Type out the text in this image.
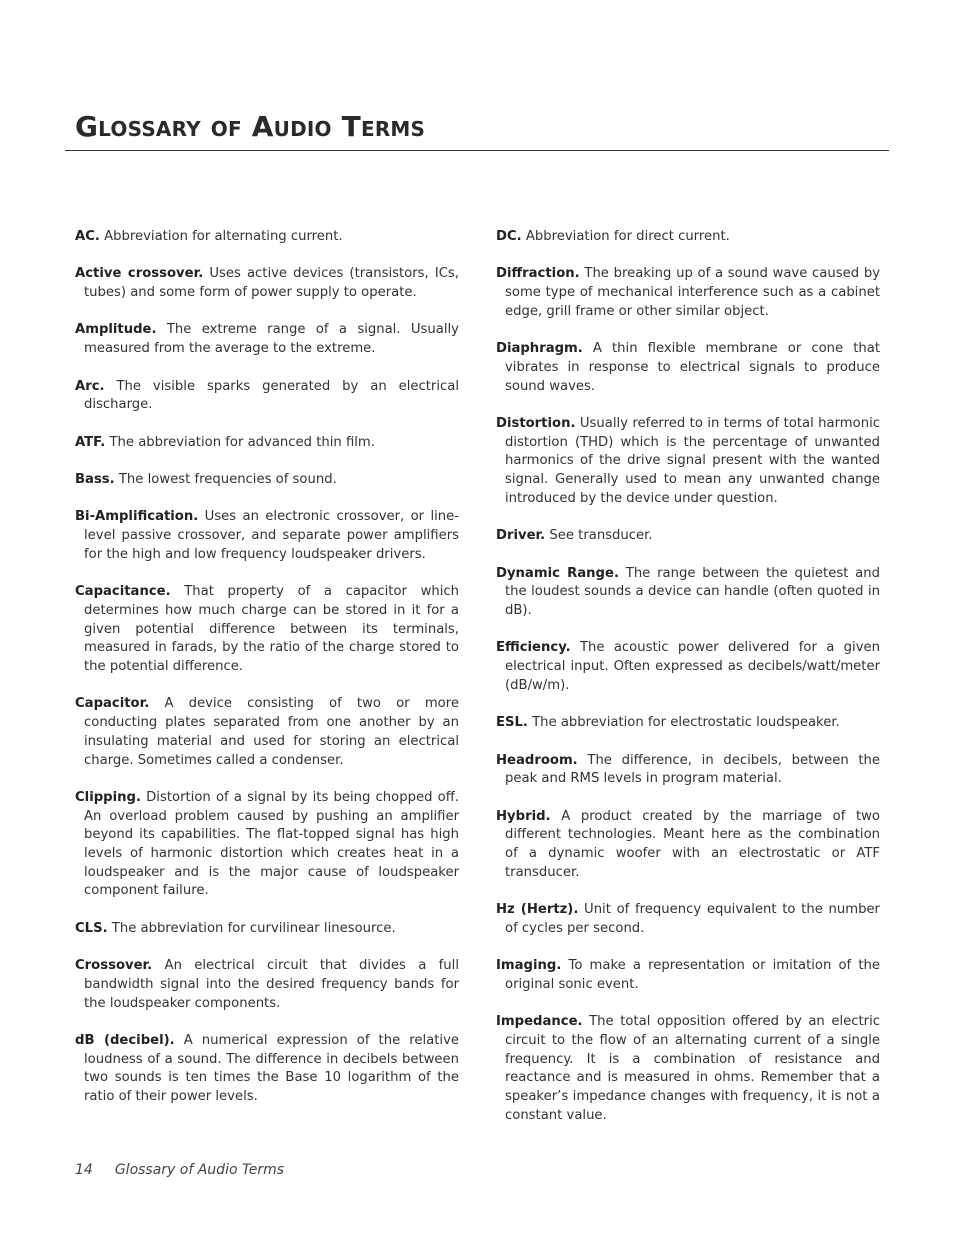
Glossary of Audio Terms

AC. Abbreviation for alternating current.

Active crossover. Uses active devices (transistors, ICs, tubes) and some form of power supply to operate.

Amplitude. The extreme range of a signal. Usually measured from the average to the extreme.

Arc. The visible sparks generated by an electrical discharge.

ATF. The abbreviation for advanced thin film.

Bass. The lowest frequencies of sound.

Bi-Amplification. Uses an electronic crossover, or line-level passive crossover, and separate power amplifiers for the high and low frequency loudspeaker drivers.

Capacitance. That property of a capacitor which determines how much charge can be stored in it for a given potential difference between its terminals, measured in farads, by the ratio of the charge stored to the potential difference.

Capacitor. A device consisting of two or more conducting plates separated from one another by an insulating material and used for storing an electrical charge. Sometimes called a condenser.

Clipping. Distortion of a signal by its being chopped off. An overload problem caused by pushing an amplifier beyond its capabilities. The flat-topped signal has high levels of harmonic distortion which creates heat in a loudspeaker and is the major cause of loudspeaker component failure.

CLS. The abbreviation for curvilinear linesource.

Crossover. An electrical circuit that divides a full bandwidth signal into the desired frequency bands for the loudspeaker components.

dB (decibel). A numerical expression of the relative loudness of a sound. The difference in decibels between two sounds is ten times the Base 10 logarithm of the ratio of their power levels.

DC. Abbreviation for direct current.

Diffraction. The breaking up of a sound wave caused by some type of mechanical interference such as a cabinet edge, grill frame or other similar object.

Diaphragm. A thin flexible membrane or cone that vibrates in response to electrical signals to produce sound waves.

Distortion. Usually referred to in terms of total harmonic distortion (THD) which is the percentage of unwanted harmonics of the drive signal present with the wanted signal. Generally used to mean any unwanted change introduced by the device under question.

Driver. See transducer.

Dynamic Range. The range between the quietest and the loudest sounds a device can handle (often quoted in dB).

Efficiency. The acoustic power delivered for a given electrical input. Often expressed as decibels/watt/meter (dB/w/m).

ESL. The abbreviation for electrostatic loudspeaker.

Headroom. The difference, in decibels, between the peak and RMS levels in program material.

Hybrid. A product created by the marriage of two different technologies. Meant here as the combination of a dynamic woofer with an electrostatic or ATF transducer.

Hz (Hertz). Unit of frequency equivalent to the number of cycles per second.

Imaging. To make a representation or imitation of the original sonic event.

Impedance. The total opposition offered by an electric circuit to the flow of an alternating current of a single frequency. It is a combination of resistance and reactance and is measured in ohms. Remember that a speaker’s impedance changes with frequency, it is not a constant value.

14 Glossary of Audio Terms
